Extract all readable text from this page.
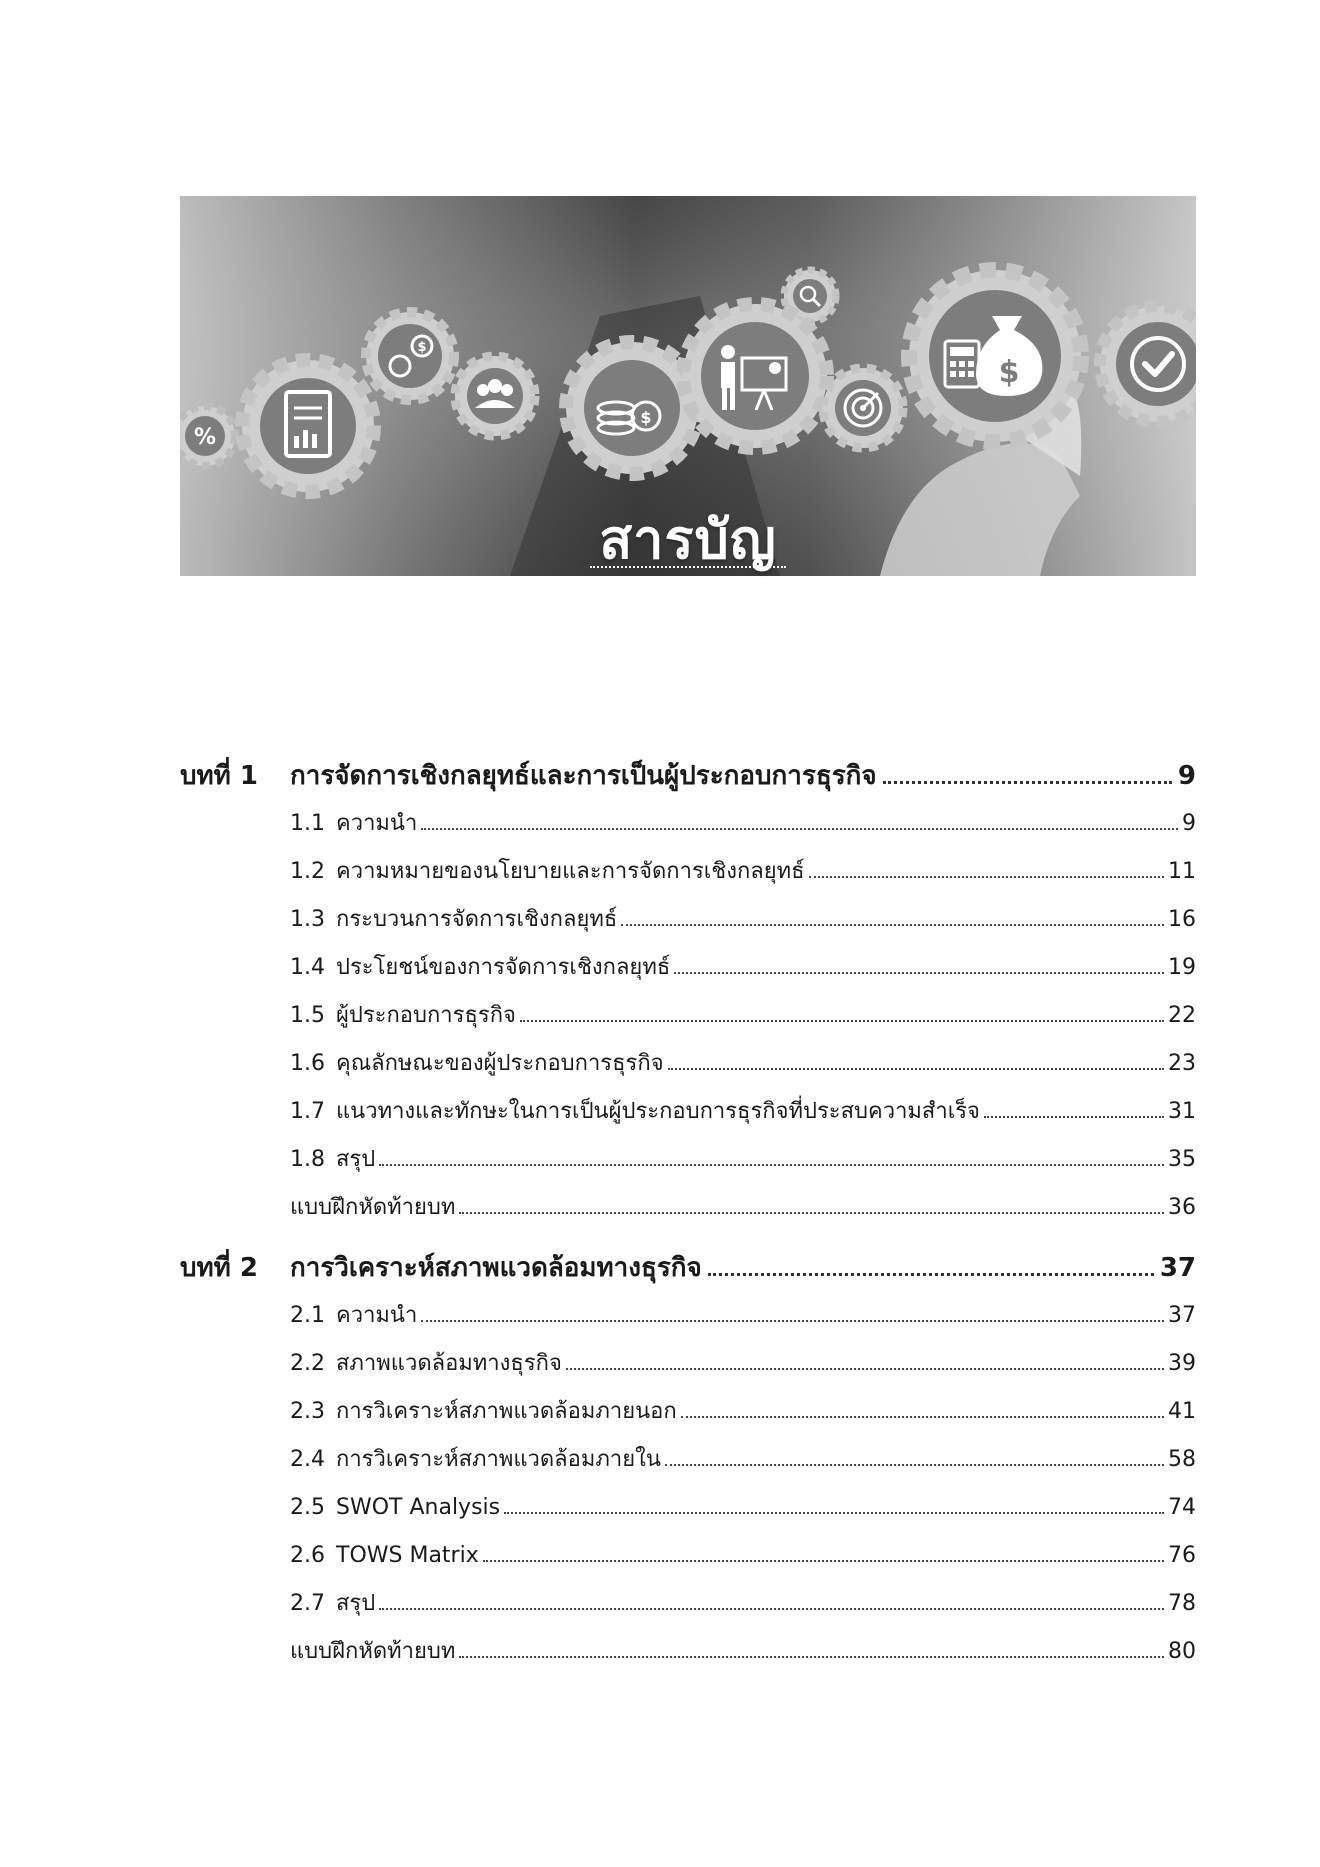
%
$
$
$
สารบัญ
บทที่ 1	การจัดการเชิงกลยุทธ์และการเป็นผู้ประกอบการธุรกิจ	9
1.1 ความนำ	9
1.2 ความหมายของนโยบายและการจัดการเชิงกลยุทธ์	11
1.3 กระบวนการจัดการเชิงกลยุทธ์	16
1.4 ประโยชน์ของการจัดการเชิงกลยุทธ์	19
1.5 ผู้ประกอบการธุรกิจ	22
1.6 คุณลักษณะของผู้ประกอบการธุรกิจ	23
1.7 แนวทางและทักษะในการเป็นผู้ประกอบการธุรกิจที่ประสบความสำเร็จ	31
1.8 สรุป	35
แบบฝึกหัดท้ายบท	36
บทที่ 2	การวิเคราะห์สภาพแวดล้อมทางธุรกิจ	37
2.1 ความนำ	37
2.2 สภาพแวดล้อมทางธุรกิจ	39
2.3 การวิเคราะห์สภาพแวดล้อมภายนอก	41
2.4 การวิเคราะห์สภาพแวดล้อมภายใน	58
2.5 SWOT Analysis	74
2.6 TOWS Matrix	76
2.7 สรุป	78
แบบฝึกหัดท้ายบท	80
